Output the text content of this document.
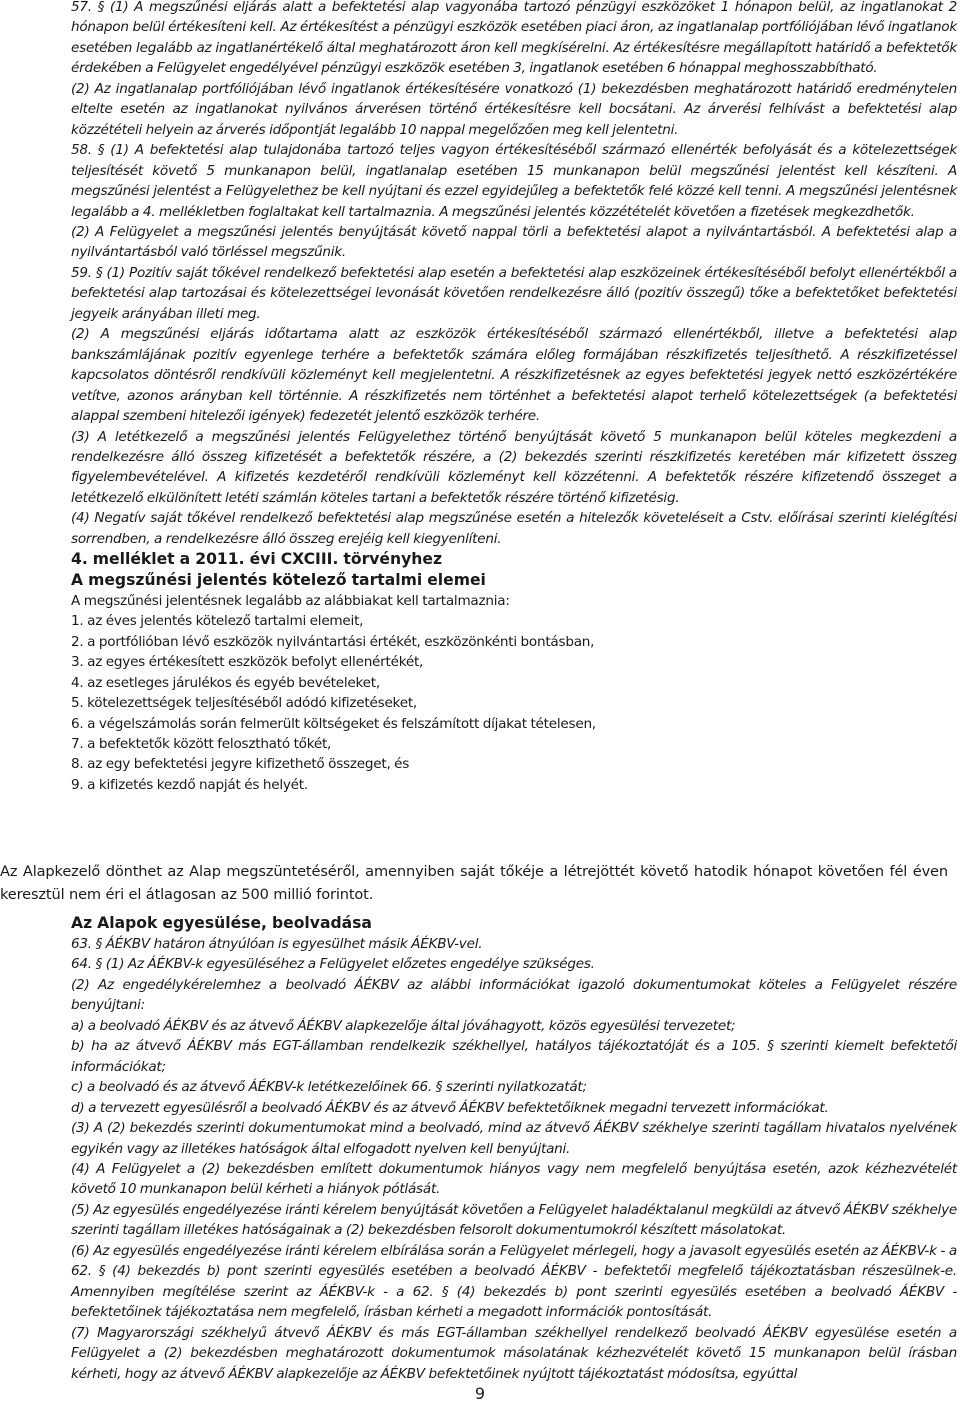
57. § (1) A megszűnési eljárás alatt a befektetési alap vagyonába tartozó pénzügyi eszközöket 1 hónapon belül, az ingatlanokat 2 hónapon belül értékesíteni kell. Az értékesítést a pénzügyi eszközök esetében piaci áron, az ingatlanalap portfóliójában lévő ingatlanok esetében legalább az ingatlanértékelő által meghatározott áron kell megkísérelni. Az értékesítésre megállapított határidő a befektetők érdekében a Felügyelet engedélyével pénzügyi eszközök esetében 3, ingatlanok esetében 6 hónappal meghosszabbítható.

(2) Az ingatlanalap portfóliójában lévő ingatlanok értékesítésére vonatkozó (1) bekezdésben meghatározott határidő eredménytelen eltelte esetén az ingatlanokat nyilvános árverésen történő értékesítésre kell bocsátani. Az árverési felhívást a befektetési alap közzétételi helyein az árverés időpontját legalább 10 nappal megelőzően meg kell jelentetni.

58. § (1) A befektetési alap tulajdonába tartozó teljes vagyon értékesítéséből származó ellenérték befolyását és a kötelezettségek teljesítését követő 5 munkanapon belül, ingatlanalap esetében 15 munkanapon belül megszűnési jelentést kell készíteni. A megszűnési jelentést a Felügyelethez be kell nyújtani és ezzel egyidejűleg a befektetők felé közzé kell tenni. A megszűnési jelentésnek legalább a 4. mellékletben foglaltakat kell tartalmaznia. A megszűnési jelentés közzétételét követően a fizetések megkezdhetők.

(2) A Felügyelet a megszűnési jelentés benyújtását követő nappal törli a befektetési alapot a nyilvántartásból. A befektetési alap a nyilvántartásból való törléssel megszűnik.

59. § (1) Pozitív saját tőkével rendelkező befektetési alap esetén a befektetési alap eszközeinek értékesítéséből befolyt ellenértékből a befektetési alap tartozásai és kötelezettségei levonását követően rendelkezésre álló (pozitív összegű) tőke a befektetőket befektetési jegyeik arányában illeti meg.

(2) A megszűnési eljárás időtartama alatt az eszközök értékesítéséből származó ellenértékből, illetve a befektetési alap bankszámlájának pozitív egyenlege terhére a befektetők számára előleg formájában részkifizetés teljesíthető. A részkifizetéssel kapcsolatos döntésről rendkívüli közleményt kell megjelentetni. A részkifizetésnek az egyes befektetési jegyek nettó eszközértékére vetítve, azonos arányban kell történnie. A részkifizetés nem történhet a befektetési alapot terhelő kötelezettségek (a befektetési alappal szembeni hitelezői igények) fedezetét jelentő eszközök terhére.

(3) A letétkezelő a megszűnési jelentés Felügyelethez történő benyújtását követő 5 munkanapon belül köteles megkezdeni a rendelkezésre álló összeg kifizetését a befektetők részére, a (2) bekezdés szerinti részkifizetés keretében már kifizetett összeg figyelembevételével. A kifizetés kezdetéről rendkívüli közleményt kell közzétenni. A befektetők részére kifizetendő összeget a letétkezelő elkülönített letéti számlán köteles tartani a befektetők részére történő kifizetésig.

(4) Negatív saját tőkével rendelkező befektetési alap megszűnése esetén a hitelezők követeléseit a Cstv. előírásai szerinti kielégítési sorrendben, a rendelkezésre álló összeg erejéig kell kiegyenlíteni.

4. melléklet a 2011. évi CXCIII. törvényhez

A megszűnési jelentés kötelező tartalmi elemei

A megszűnési jelentésnek legalább az alábbiakat kell tartalmaznia:

1. az éves jelentés kötelező tartalmi elemeit,

2. a portfólióban lévő eszközök nyilvántartási értékét, eszközönkénti bontásban,

3. az egyes értékesített eszközök befolyt ellenértékét,

4. az esetleges járulékos és egyéb bevételeket,

5. kötelezettségek teljesítéséből adódó kifizetéseket,

6. a végelszámolás során felmerült költségeket és felszámított díjakat tételesen,

7. a befektetők között felosztható tőkét,

8. az egy befektetési jegyre kifizethető összeget, és

9. a kifizetés kezdő napját és helyét.

Az Alapkezelő dönthet az Alap megszüntetéséről, amennyiben saját tőkéje a létrejöttét követő hatodik hónapot követően fél éven keresztül nem éri el átlagosan az 500 millió forintot.

Az Alapok egyesülése, beolvadása

63. § ÁÉKBV határon átnyúlóan is egyesülhet másik ÁÉKBV-vel.

64. § (1) Az ÁÉKBV-k egyesüléséhez a Felügyelet előzetes engedélye szükséges.

(2) Az engedélykérelemhez a beolvadó ÁÉKBV az alábbi információkat igazoló dokumentumokat köteles a Felügyelet részére benyújtani:

a) a beolvadó ÁÉKBV és az átvevő ÁÉKBV alapkezelője által jóváhagyott, közös egyesülési tervezetet;

b) ha az átvevő ÁÉKBV más EGT-államban rendelkezik székhellyel, hatályos tájékoztatóját és a 105. § szerinti kiemelt befektetői információkat;

c) a beolvadó és az átvevő ÁÉKBV-k letétkezelőinek 66. § szerinti nyilatkozatát;

d) a tervezett egyesülésről a beolvadó ÁÉKBV és az átvevő ÁÉKBV befektetőiknek megadni tervezett információkat.

(3) A (2) bekezdés szerinti dokumentumokat mind a beolvadó, mind az átvevő ÁÉKBV székhelye szerinti tagállam hivatalos nyelvének egyikén vagy az illetékes hatóságok által elfogadott nyelven kell benyújtani.

(4) A Felügyelet a (2) bekezdésben említett dokumentumok hiányos vagy nem megfelelő benyújtása esetén, azok kézhezvételét követő 10 munkanapon belül kérheti a hiányok pótlását.

(5) Az egyesülés engedélyezése iránti kérelem benyújtását követően a Felügyelet haladéktalanul megküldi az átvevő ÁÉKBV székhelye szerinti tagállam illetékes hatóságainak a (2) bekezdésben felsorolt dokumentumokról készített másolatokat.

(6) Az egyesülés engedélyezése iránti kérelem elbírálása során a Felügyelet mérlegeli, hogy a javasolt egyesülés esetén az ÁÉKBV-k - a 62. § (4) bekezdés b) pont szerinti egyesülés esetében a beolvadó ÁÉKBV - befektetői megfelelő tájékoztatásban részesülnek-e. Amennyiben megítélése szerint az ÁÉKBV-k - a 62. § (4) bekezdés b) pont szerinti egyesülés esetében a beolvadó ÁÉKBV - befektetőinek tájékoztatása nem megfelelő, írásban kérheti a megadott információk pontosítását.

(7) Magyarországi székhelyű átvevő ÁÉKBV és más EGT-államban székhellyel rendelkező beolvadó ÁÉKBV egyesülése esetén a Felügyelet a (2) bekezdésben meghatározott dokumentumok másolatának kézhezvételét követő 15 munkanapon belül írásban kérheti, hogy az átvevő ÁÉKBV alapkezelője az ÁÉKBV befektetőinek nyújtott tájékoztatást módosítsa, egyúttal

9
